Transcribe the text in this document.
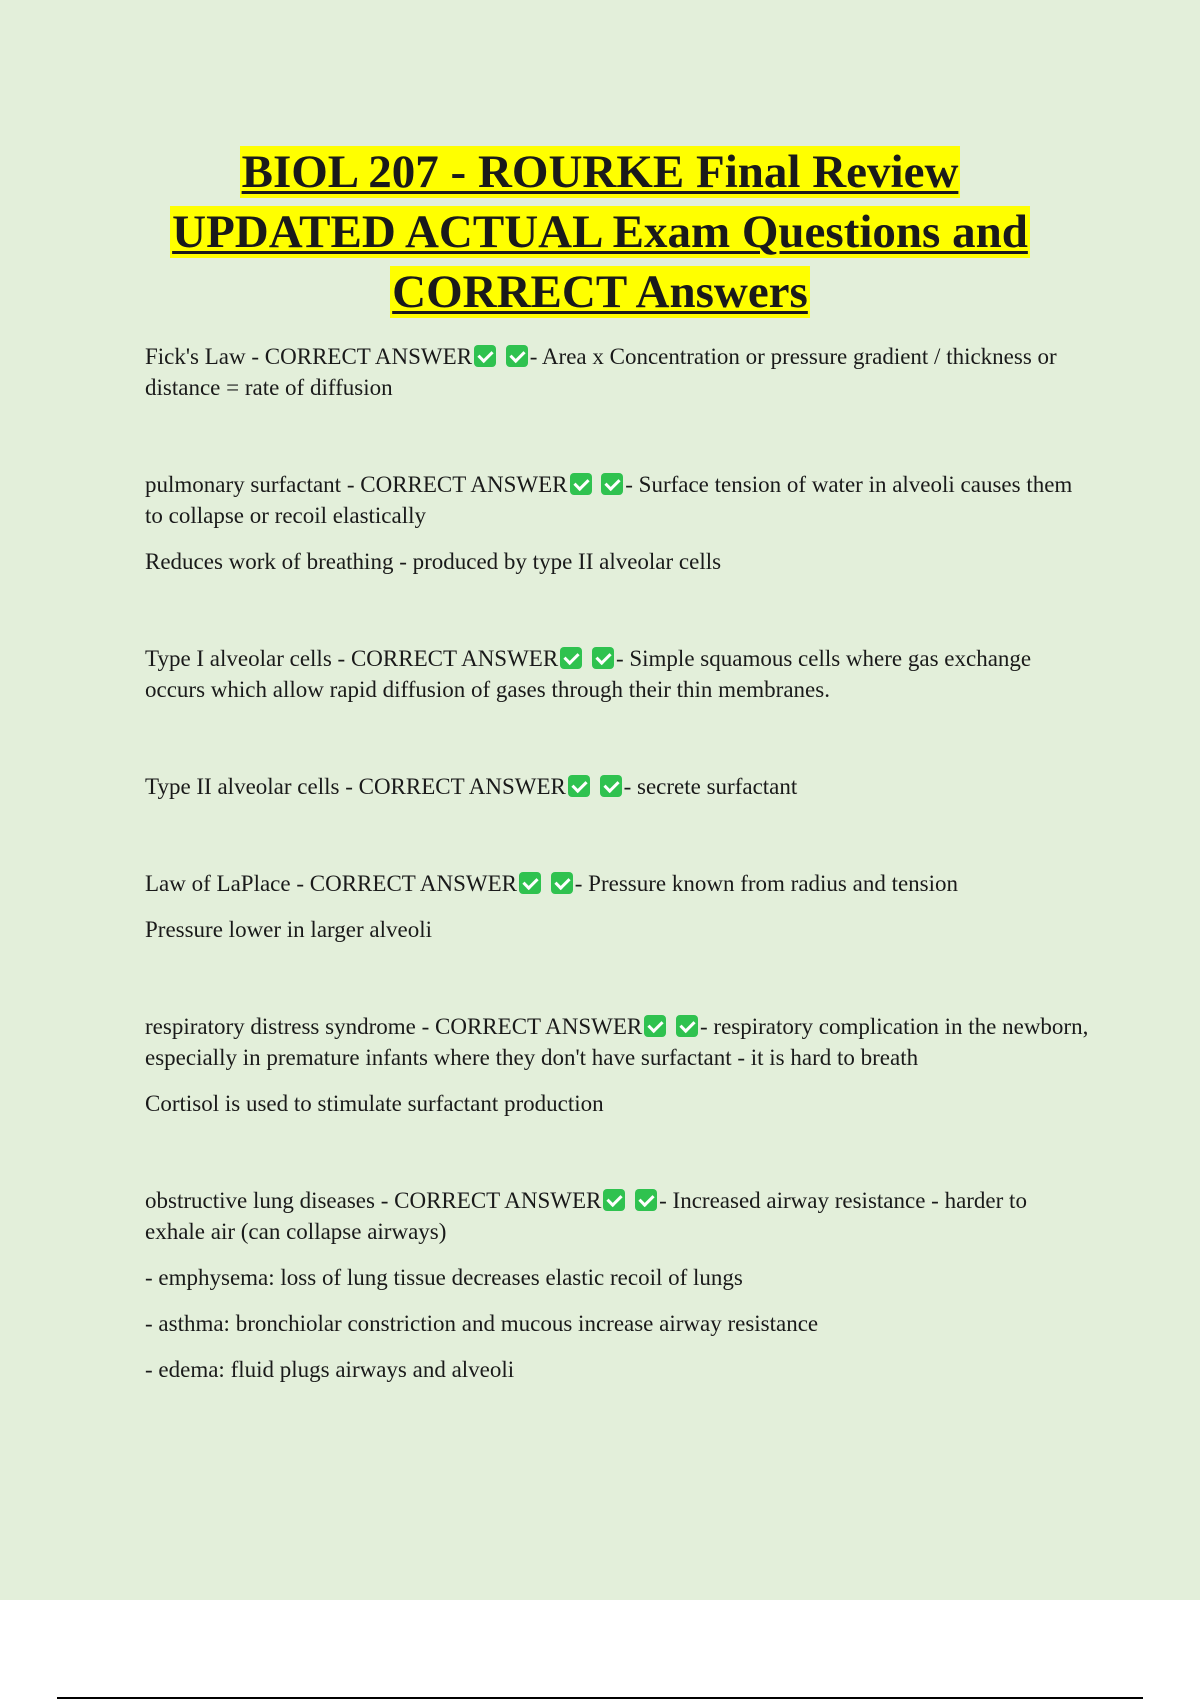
BIOL 207 - ROURKE Final Review
UPDATED ACTUAL Exam Questions and
CORRECT Answers

Fick's Law - CORRECT ANSWER	- Area x Concentration or pressure gradient / thickness or distance = rate of diffusion

pulmonary surfactant - CORRECT ANSWER	- Surface tension of water in alveoli causes them to collapse or recoil elastically

Reduces work of breathing - produced by type II alveolar cells

Type I alveolar cells - CORRECT ANSWER	- Simple squamous cells where gas exchange occurs which allow rapid diffusion of gases through their thin membranes.

Type II alveolar cells - CORRECT ANSWER	- secrete surfactant

Law of LaPlace - CORRECT ANSWER	- Pressure known from radius and tension

Pressure lower in larger alveoli

respiratory distress syndrome - CORRECT ANSWER	- respiratory complication in the newborn, especially in premature infants where they don't have surfactant - it is hard to breath

Cortisol is used to stimulate surfactant production

obstructive lung diseases - CORRECT ANSWER	- Increased airway resistance - harder to exhale air (can collapse airways)

- emphysema: loss of lung tissue decreases elastic recoil of lungs

- asthma: bronchiolar constriction and mucous increase airway resistance

- edema: fluid plugs airways and alveoli
